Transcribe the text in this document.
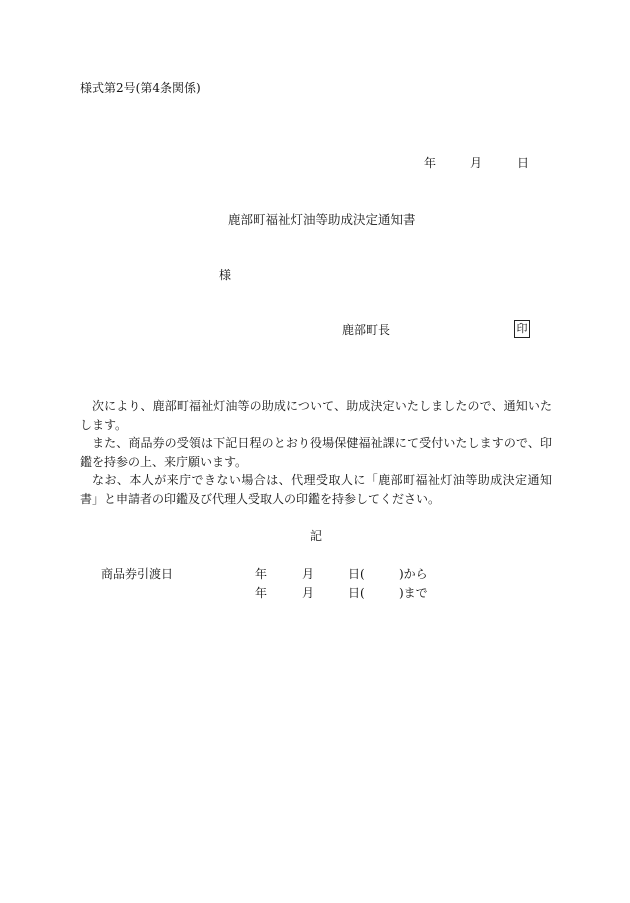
様式第2号(第4条関係)
年	月	日
鹿部町福祉灯油等助成決定通知書
様
鹿部町長	印

次により、鹿部町福祉灯油等の助成について、助成決定いたしましたので、通知いたします。

また、商品券の受領は下記日程のとおり役場保健福祉課にて受付いたしますので、印鑑を持参の上、来庁願います。

なお、本人が来庁できない場合は、代理受取人に「鹿部町福祉灯油等助成決定通知書」と申請者の印鑑及び代理人受取人の印鑑を持参してください。

記
商品券引渡日	年	月	日(	)から
年	月	日(	)まで
